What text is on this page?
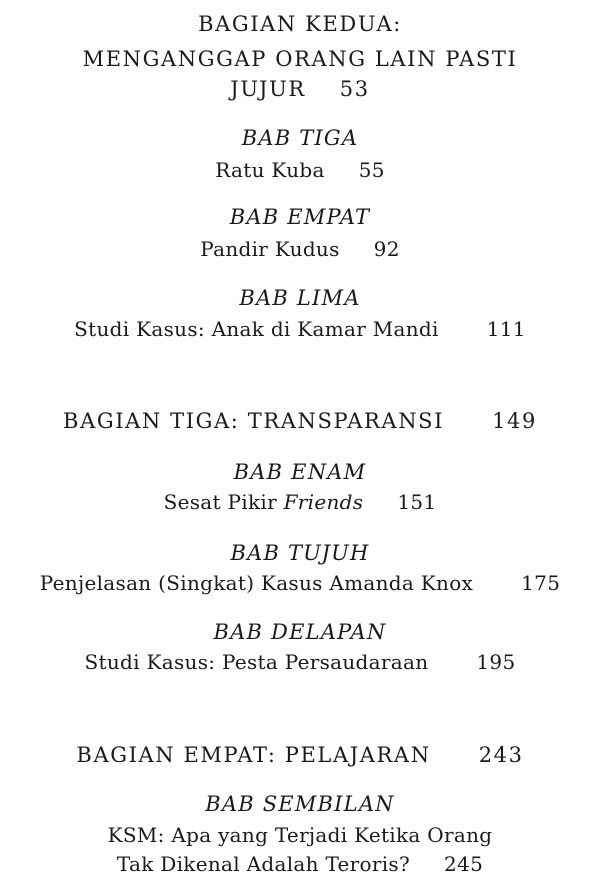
BAGIAN KEDUA:
MENGANGGAP ORANG LAIN PASTI
JUJUR 53
BAB TIGA
Ratu Kuba 55
BAB EMPAT
Pandir Kudus 92
BAB LIMA
Studi Kasus: Anak di Kamar Mandi 111
BAGIAN TIGA: TRANSPARANSI 149
BAB ENAM
Sesat Pikir Friends 151
BAB TUJUH
Penjelasan (Singkat) Kasus Amanda Knox 175
BAB DELAPAN
Studi Kasus: Pesta Persaudaraan 195
BAGIAN EMPAT: PELAJARAN 243
BAB SEMBILAN
KSM: Apa yang Terjadi Ketika Orang
Tak Dikenal Adalah Teroris? 245
